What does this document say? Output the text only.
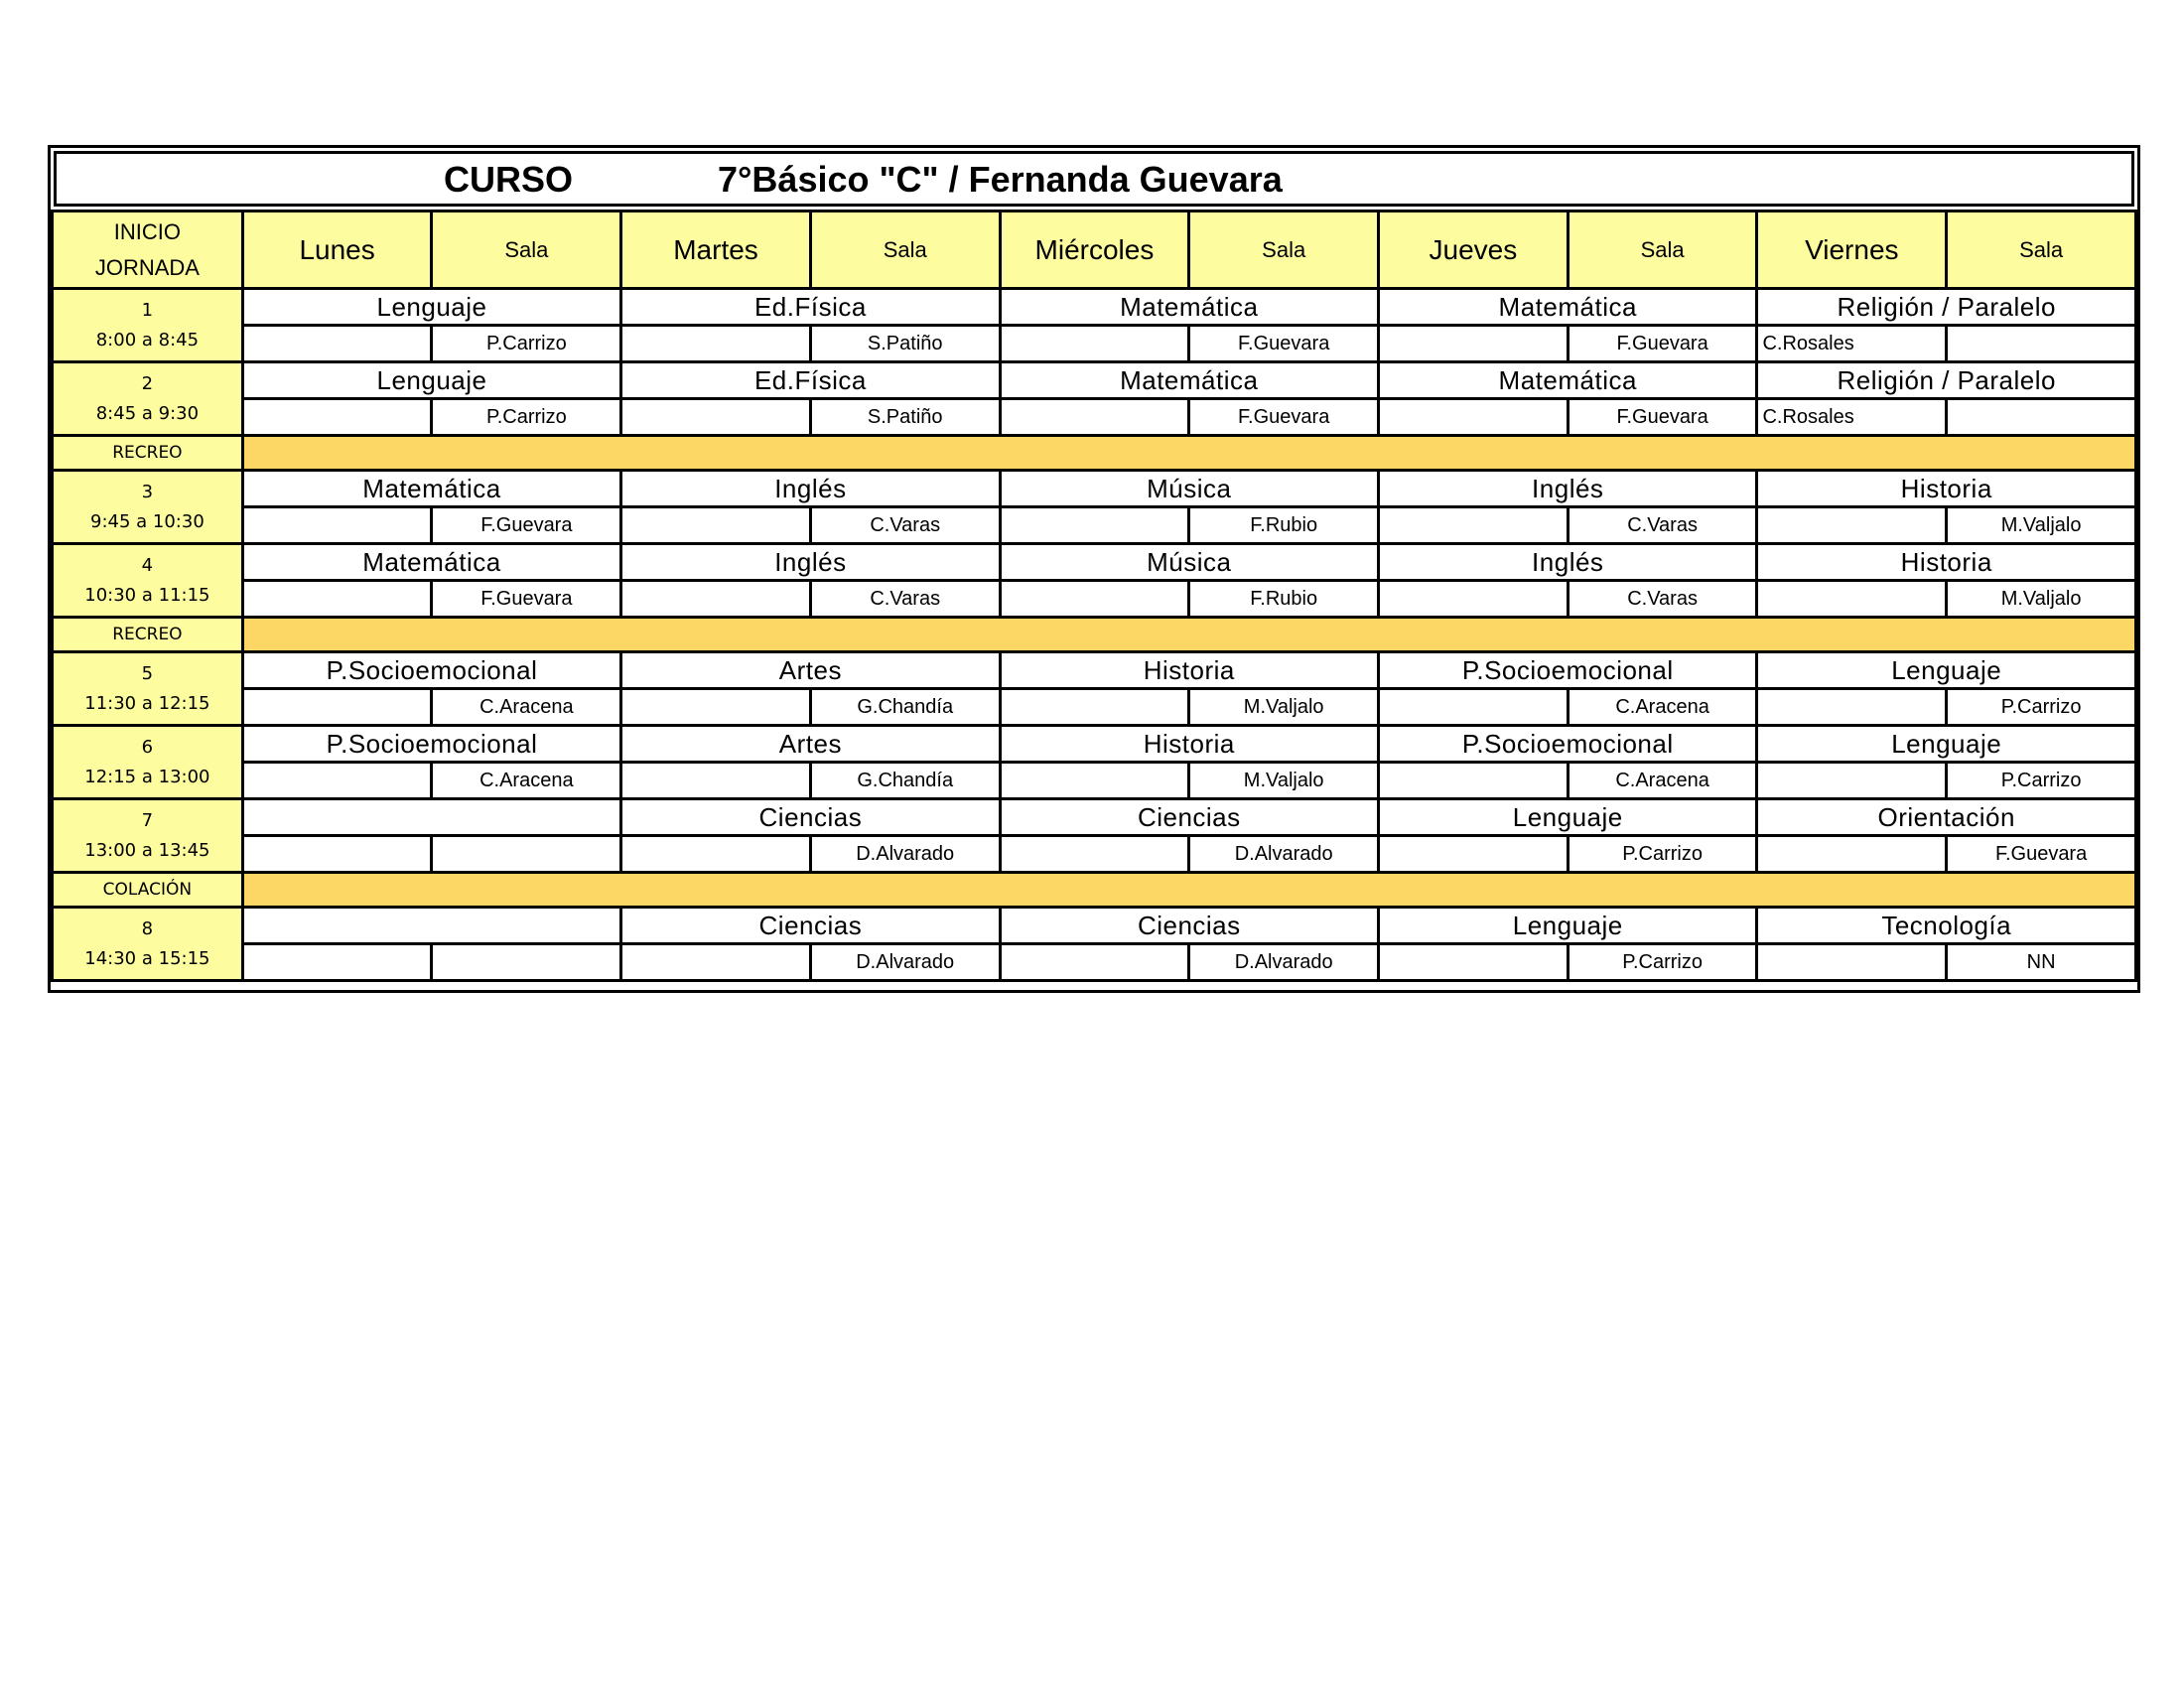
CURSO	7°Básico "C" / Fernanda Guevara
INICIO
JORNADA	Lunes	Sala	Martes	Sala	Miércoles	Sala	Jueves	Sala	Viernes	Sala

1
8:00 a 8:45	Lenguaje		Ed.Física		Matemática		Matemática		Religión / Paralelo	
		P.Carrizo		S.Patiño		F.Guevara		F.Guevara	C.Rosales	

2
8:45 a 9:30	Lenguaje		Ed.Física		Matemática		Matemática		Religión / Paralelo	
		P.Carrizo		S.Patiño		F.Guevara		F.Guevara	C.Rosales	
RECREO										

3
9:45 a 10:30	Matemática		Inglés		Música		Inglés		Historia	
		F.Guevara		C.Varas		F.Rubio		C.Varas		M.Valjalo

4
10:30 a 11:15	Matemática		Inglés		Música		Inglés		Historia	
		F.Guevara		C.Varas		F.Rubio		C.Varas		M.Valjalo
RECREO										

5
11:30 a 12:15	P.Socioemocional		Artes		Historia		P.Socioemocional		Lenguaje	
		C.Aracena		G.Chandía		M.Valjalo		C.Aracena		P.Carrizo

6
12:15 a 13:00	P.Socioemocional		Artes		Historia		P.Socioemocional		Lenguaje	
		C.Aracena		G.Chandía		M.Valjalo		C.Aracena		P.Carrizo

7
13:00 a 13:45			Ciencias		Ciencias		Lenguaje		Orientación	
				D.Alvarado		D.Alvarado		P.Carrizo		F.Guevara
COLACIÓN										

8
14:30 a 15:15			Ciencias		Ciencias		Lenguaje		Tecnología	
				D.Alvarado		D.Alvarado		P.Carrizo		NN
